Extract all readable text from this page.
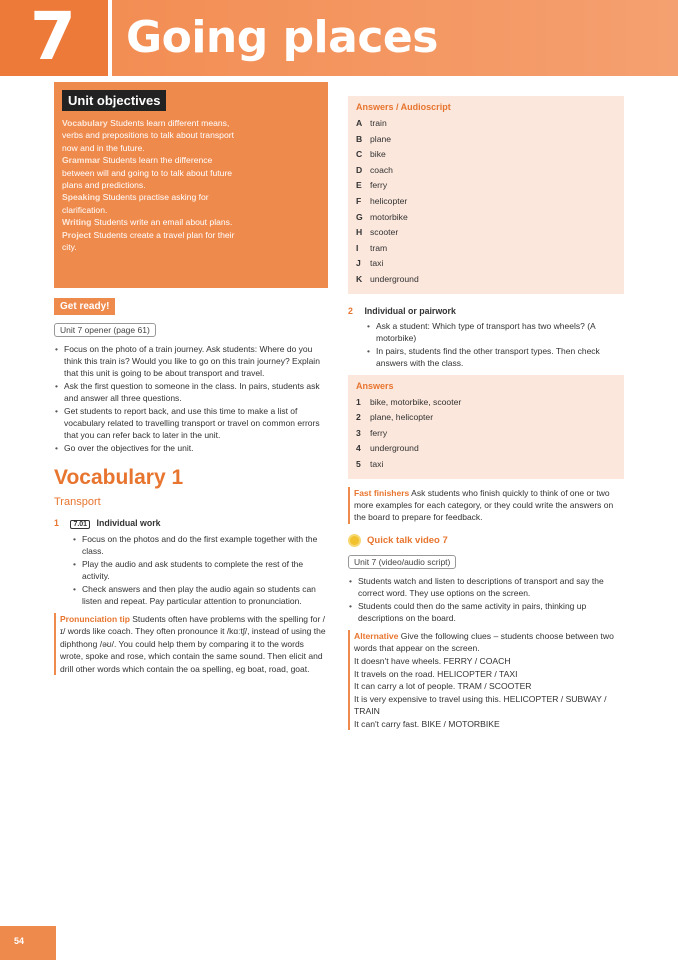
7 Going places
Unit objectives
Vocabulary Students learn different means,
verbs and prepositions to talk about transport
now and in the future.
Grammar Students learn the difference
between will and going to to talk about future
plans and predictions.
Speaking Students practise asking for
clarification.
Writing Students write an email about plans.
Project Students create a travel plan for their
city.
Get ready!
Unit 7 opener (page 61)
• Focus on the photo of a train journey. Ask students: Where do you think this train is? Would you like to go on this train journey? Explain that this unit is going to be about transport and travel.
• Ask the first question to someone in the class. In pairs, students ask and answer all three questions.
• Get students to report back, and use this time to make a list of vocabulary related to travelling transport or travel on common errors that you can refer back to later in the unit.
• Go over the objectives for the unit.
Vocabulary 1
Transport
1 7.01 Individual work
• Focus on the photos and do the first example together with the class.
• Play the audio and ask students to complete the rest of the activity.
• Check answers and then play the audio again so students can listen and repeat. Pay particular attention to pronunciation.
Pronunciation tip Students often have problems with the spelling for /ɪ/ words like coach. They often pronounce it /kɑːtʃ/, instead of using the diphthong /əʊ/. You could help them by comparing it to the words wrote, spoke and rose, which contain the same sound. Then elicit and drill other words which contain the oa spelling, eg boat, road, goat.
Answers / Audioscript
A train
B plane
C bike
D coach
E ferry
F helicopter
G motorbike
H scooter
I tram
J taxi
K underground
2 Individual or pairwork
• Ask a student: Which type of transport has two wheels? (A motorbike)
• In pairs, students find the other transport types. Then check answers with the class.
Answers
1 bike, motorbike, scooter
2 plane, helicopter
3 ferry
4 underground
5 taxi
Fast finishers Ask students who finish quickly to think of one or two more examples for each category, or they could write the answers on the board to prepare for feedback.
Quick talk video 7
Unit 7 (video/audio script)
• Students watch and listen to descriptions of transport and say the correct word. They use options on the screen.
• Students could then do the same activity in pairs, thinking up descriptions on the board.
Alternative Give the following clues – students choose between two words that appear on the screen.
It doesn't have wheels. FERRY / COACH
It travels on the road. HELICOPTER / TAXI
It can carry a lot of people. TRAM / SCOOTER
It is very expensive to travel using this. HELICOPTER / SUBWAY / TRAIN
It can't carry fast. BIKE / MOTORBIKE
54
